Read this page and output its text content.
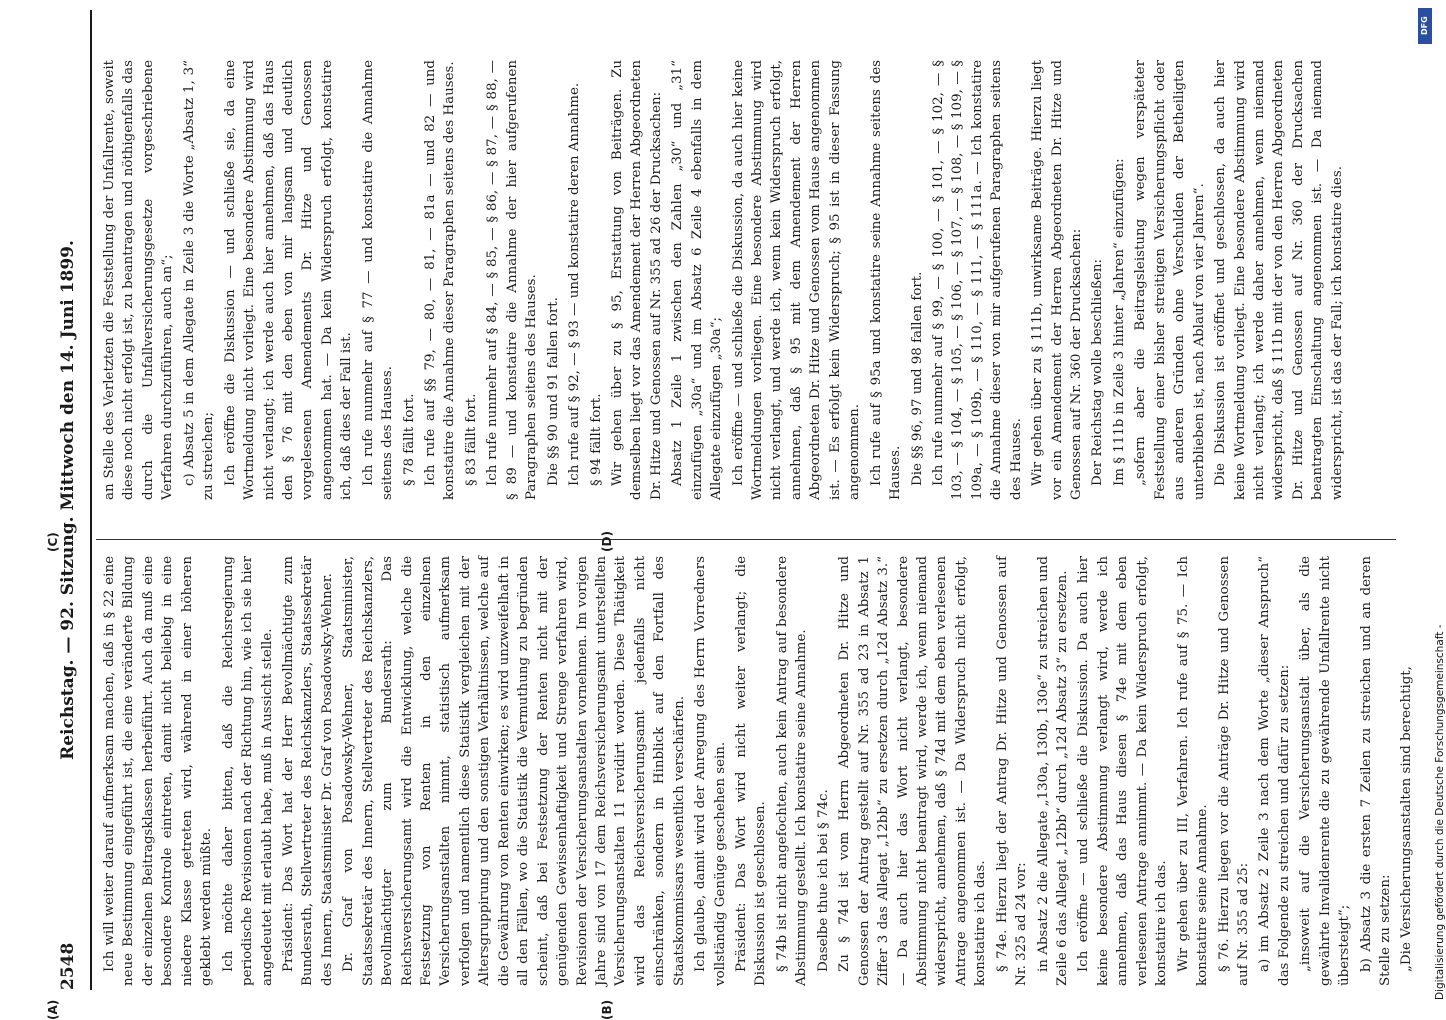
2548
Reichstag. — 92. Sitzung. Mittwoch den 14. Juni 1899.
(A)	(B)
(C)	(D)

Ich will weiter darauf aufmerksam machen, daß in § 22 eine neue Bestimmung eingeführt ist, die eine veränderte Bildung der einzelnen Beitragsklassen herbeiführt. Auch da muß eine besondere Kontrole eintreten, damit nicht beliebig in eine niedere Klasse getreten wird, während in einer höheren geklebt werden müßte. Ich möchte daher bitten, daß die Reichsregierung periodische Revisionen nach der Richtung hin, wie ich sie hier angedeutet mit erlaubt habe, muß in Aussicht stelle. Präsident: Das Wort hat der Herr Bevollmächtigte zum Bundesrath, Stellvertreter des Reichskanzlers, Staatssekretär des Innern, Staatsminister Dr. Graf von Posadowsky-Wehner. Dr. Graf von Posadowsky-Wehner, Staatsminister, Staatssekretär des Innern, Stellvertreter des Reichskanzlers, Bevollmächtigter zum Bundesrath: Das Reichsversicherungsamt wird die Entwicklung, welche die Festsetzung von Renten in den einzelnen Versicherungsanstalten nimmt, statistisch aufmerksam verfolgen und namentlich diese Statistik vergleichen mit der Altersgruppirung und den sonstigen Verhältnissen, welche auf die Gewährung von Renten einwirken; es wird unzweifelhaft in all den Fällen, wo die Statistik die Vermuthung zu begründen scheint, daß bei Festsetzung der Renten nicht mit der genügenden Gewissenhaftigkeit und Strenge verfahren wird, Revisionen der Versicherungsanstalten vornehmen. Im vorigen Jahre sind von 17 dem Reichsversicherungsamt unterstellten Versicherungsanstalten 11 revidirt worden. Diese Thätigkeit wird das Reichsversicherungsamt jedenfalls nicht einschränken, sondern in Hinblick auf den Fortfall des Staatskommissars wesentlich verschärfen. Ich glaube, damit wird der Anregung des Herrn Vorredners vollständig Genüge geschehen sein. Präsident: Das Wort wird nicht weiter verlangt; die Diskussion ist geschlossen. § 74b ist nicht angefochten, auch kein Antrag auf besondere Abstimmung gestellt. Ich konstatire seine Annahme. Daselbe thue ich bei § 74c. Zu § 74d ist vom Herrn Abgeordneten Dr. Hitze und Genossen der Antrag gestellt auf Nr. 355 ad 23 in Absatz 1 Ziffer 3 das Allegat „12bb“ zu ersetzen durch „12d Absatz 3.“ — Da auch hier das Wort nicht verlangt, besondere Abstimmung nicht beantragt wird, werde ich, wenn niemand widerspricht, annehmen, daß § 74d mit dem eben verlesenen Antrage angenommen ist. — Da Widerspruch nicht erfolgt, konstatire ich das. § 74e. Hierzu liegt der Antrag Dr. Hitze und Genossen auf Nr. 325 ad 24 vor: in Absatz 2 die Allegate „130a, 130b, 130e“ zu streichen und Zeile 6 das Allegat „12bb“ durch „12d Absatz 3“ zu ersetzen. Ich eröffne — und schließe die Diskussion. Da auch hier keine besondere Abstimmung verlangt wird, werde ich annehmen, daß das Haus diesen § 74e mit dem eben verlesenen Antrage annimmt. — Da kein Widerspruch erfolgt, konstatire ich das. Wir gehen über zu III, Verfahren. Ich rufe auf § 75. — Ich konstatire seine Annahme. § 76. Hierzu liegen vor die Anträge Dr. Hitze und Genossen auf Nr. 355 ad 25: a) im Absatz 2 Zeile 3 nach dem Worte „dieser Anspruch“ das Folgende zu streichen und dafür zu setzen: „insoweit auf die Versicherungsanstalt über, als die gewährte Invalidenrente die zu gewährende Unfallrente nicht übersteigt“; b) Absatz 3 die ersten 7 Zeilen zu streichen und an deren Stelle zu setzen: „Die Versicherungsanstalten sind berechtigt,

an Stelle des Verletzten die Feststellung der Unfallrente, soweit diese noch nicht erfolgt ist, zu beantragen und nöthigenfalls das durch die Unfallversicherungsgesetze vorgeschriebene Verfahren durchzuführen, auch an“; c) Absatz 5 in dem Allegate in Zeile 3 die Worte „Absatz 1, 3“ zu streichen; Ich eröffne die Diskussion — und schließe sie, da eine Wortmeldung nicht vorliegt. Eine besondere Abstimmung wird nicht verlangt; ich werde auch hier annehmen, daß das Haus den § 76 mit den eben von mir langsam und deutlich vorgelesenen Amendements Dr. Hitze und Genossen angenommen hat. — Da kein Widerspruch erfolgt, konstatire ich, daß dies der Fall ist. Ich rufe nunmehr auf § 77 — und konstatire die Annahme seitens des Hauses. § 78 fällt fort. Ich rufe auf §§ 79, — 80, — 81, — 81a — und 82 — und konstatire die Annahme dieser Paragraphen seitens des Hauses. § 83 fällt fort. Ich rufe nunmehr auf § 84, — § 85, — § 86, — § 87, — § 88, — § 89 — und konstatire die Annahme der hier aufgerufenen Paragraphen seitens des Hauses. Die §§ 90 und 91 fallen fort. Ich rufe auf § 92, — § 93 — und konstatire deren Annahme. § 94 fällt fort. Wir gehen über zu § 95, Erstattung von Beiträgen. Zu demselben liegt vor das Amendement der Herren Abgeordneten Dr. Hitze und Genossen auf Nr. 355 ad 26 der Drucksachen: Absatz 1 Zeile 1 zwischen den Zahlen „30“ und „31“ einzufügen „30a“ und im Absatz 6 Zeile 4 ebenfalls in dem Allegate einzufügen „30a“; Ich eröffne — und schließe die Diskussion, da auch hier keine Wortmeldungen vorliegen. Eine besondere Abstimmung wird nicht verlangt, und werde ich, wenn kein Widerspruch erfolgt, annehmen, daß § 95 mit dem Amendement der Herren Abgeordneten Dr. Hitze und Genossen vom Hause angenommen ist. — Es erfolgt kein Widerspruch; § 95 ist in dieser Fassung angenommen. Ich rufe auf § 95a und konstatire seine Annahme seitens des Hauses. Die §§ 96, 97 und 98 fallen fort. Ich rufe nunmehr auf § 99, — § 100, — § 101, — § 102, — § 103, — § 104, — § 105, — § 106, — § 107, — § 108, — § 109, — § 109a, — § 109b, — § 110, — § 111, — § 111a. — Ich konstatire die Annahme dieser von mir aufgerufenen Paragraphen seitens des Hauses. Wir gehen über zu § 111b, unwirksame Beiträge. Hierzu liegt vor ein Amendement der Herren Abgeordneten Dr. Hitze und Genossen auf Nr. 360 der Drucksachen: Der Reichstag wolle beschließen: Im § 111b in Zeile 3 hinter „Jahren“ einzufügen: „sofern aber die Beitragsleistung wegen verspäteter Feststellung einer bisher streitigen Versicherungspflicht oder aus anderen Gründen ohne Verschulden der Betheiligten unterblieben ist, nach Ablauf von vier Jahren“. Die Diskussion ist eröffnet und geschlossen, da auch hier keine Wortmeldung vorliegt. Eine besondere Abstimmung wird nicht verlangt; ich werde daher annehmen, wenn niemand widerspricht, daß § 111b mit der von den Herren Abgeordneten Dr. Hitze und Genossen auf Nr. 360 der Drucksachen beantragten Einschaltung angenommen ist. — Da niemand widerspricht, ist das der Fall; ich konstatire dies.

DFG
Digitalisierung gefördert durch die Deutsche Forschungsgemeinschaft -
